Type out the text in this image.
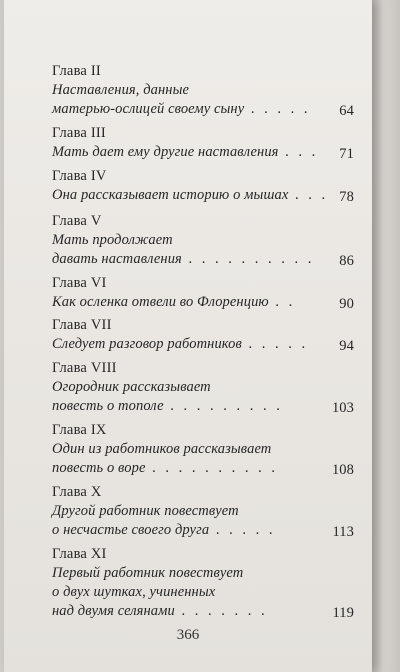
Глава II
Наставления, данные
матерью-ослицей своему сыну . . . . . 64
Глава III
Мать дает ему другие наставления . . . 71
Глава IV
Она рассказывает историю о мышах . . . 78
Глава V
Мать продолжает
давать наставления . . . . . . . . . . 86
Глава VI
Как осленка отвели во Флоренцию . .	90
Глава VII
Следует разговор работников . . . . . 94
Глава VIII
Огородник рассказывает
повесть о тополе . . . . . . . . .	103
Глава IX
Один из работников рассказывает
повесть о воре . . . . . . . . . .	108
Глава X
Другой работник повествует
о несчастье своего друга . . . . .	113
Глава XI
Первый работник повествует
о двух шутках, учиненных
над двумя селянами . . . . . . .	119
366
